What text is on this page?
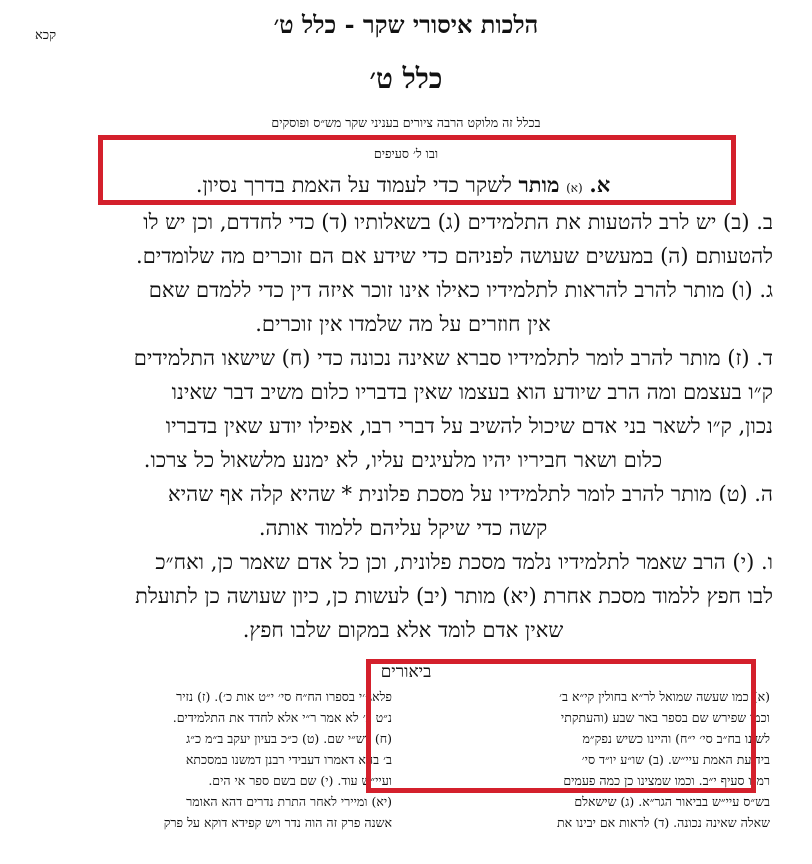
הלכות איסורי שקר - כלל ט׳
קכא
כלל ט׳
בכלל זה מלוקט הרבה ציורים בעניני שקר מש״ס ופוסקים
ובו ל׳ סעיפים

א. (א) מותר לשקר כדי לעמוד על האמת בדרך נסיון.

ב. (ב) יש לרב להטעות את התלמידים (ג) בשאלותיו (ד) כדי לחדדם, וכן יש לו

להטעותם (ה) במעשים שעושה לפניהם כדי שידע אם הם זוכרים מה שלומדים.

ג. (ו) מותר להרב להראות לתלמידיו כאילו אינו זוכר איזה דין כדי ללמדם שאם

אין חוזרים על מה שלמדו אין זוכרים.

ד. (ז) מותר להרב לומר לתלמידיו סברא שאינה נכונה כדי (ח) שישאו התלמידים

ק״ו בעצמם ומה הרב שיודע הוא בעצמו שאין בדבריו כלום משיב דבר שאינו

נכון, ק״ו לשאר בני אדם שיכול להשיב על דברי רבו, אפילו יודע שאין בדבריו

כלום ושאר חביריו יהיו מלעיגים עליו, לא ימנע מלשאול כל צרכו.

ה. (ט) מותר להרב לומר לתלמידיו על מסכת פלונית * שהיא קלה אף שהיא

קשה כדי שיקל עליהם ללמוד אותה.

ו. (י) הרב שאמר לתלמידיו נלמד מסכת פלונית, וכן כל אדם שאמר כן, ואח״כ

לבו חפץ ללמוד מסכת אחרת (יא) מותר (יב) לעשות כן, כיון שעושה כן לתועלת

שאין אדם לומד אלא במקום שלבו חפץ.

ביאורים

(א) כמו שעשה שמואל לר״א בחולין קי״א ב׳

וכמו שפירש שם בספר באר שבע (והעתקתי

לשונו בח״ב סי׳ י״ח) והיינו כשיש נפק״מ

בידיעת האמת עיי״ש. (ב) שו״ע יו״ד סי׳

רמ״ו סעיף י״ב. וכמו שמצינו כן כמה פעמים

בש״ס עיי״ש בביאור הגר״א. (ג) שישאלם

שאלה שאינה נכונה. (ד) לראות אם יבינו את

פלאג׳׳י בספרו הח״ח סי׳ י״ט אות כ׳). (ז) נזיר

נ״ט ב׳ לא אמר ר״י אלא לחדד את התלמידים.

(ח) רש״י שם. (ט) כ״כ בעיון יעקב ב״מ כ״ג

ב׳ בהא דאמרו דעבידי רבנן דמשנו במסכתא

ועיי״ש עוד. (י) שם בשם ספר אי הים.

(יא) ומיירי לאחר התרת נדרים דהא האומר

אשנה פרק זה הוה נדר ויש קפידא דוקא על פרק
